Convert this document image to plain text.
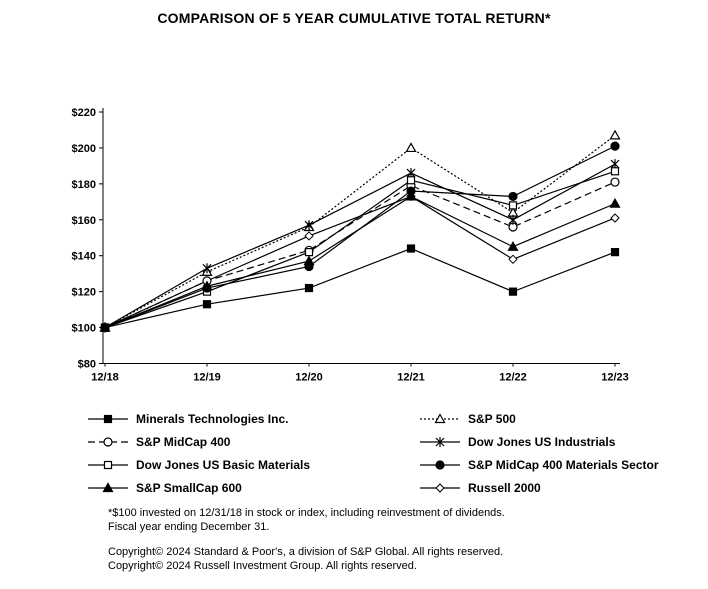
COMPARISON OF 5 YEAR CUMULATIVE TOTAL RETURN*
$220
$200
$180
$160
$140
$120
$100
$80
12/18	12/19	12/20	12/21	12/22	12/23
Minerals Technologies Inc.
S&P MidCap 400
Dow Jones US Basic Materials
S&P SmallCap 600
S&P 500
Dow Jones US Industrials
S&P MidCap 400 Materials Sector
Russell 2000
*$100 invested on 12/31/18 in stock or index, including reinvestment of dividends.
Fiscal year ending December 31.
Copyright© 2024 Standard & Poor's, a division of S&P Global. All rights reserved.
Copyright© 2024 Russell Investment Group. All rights reserved.
